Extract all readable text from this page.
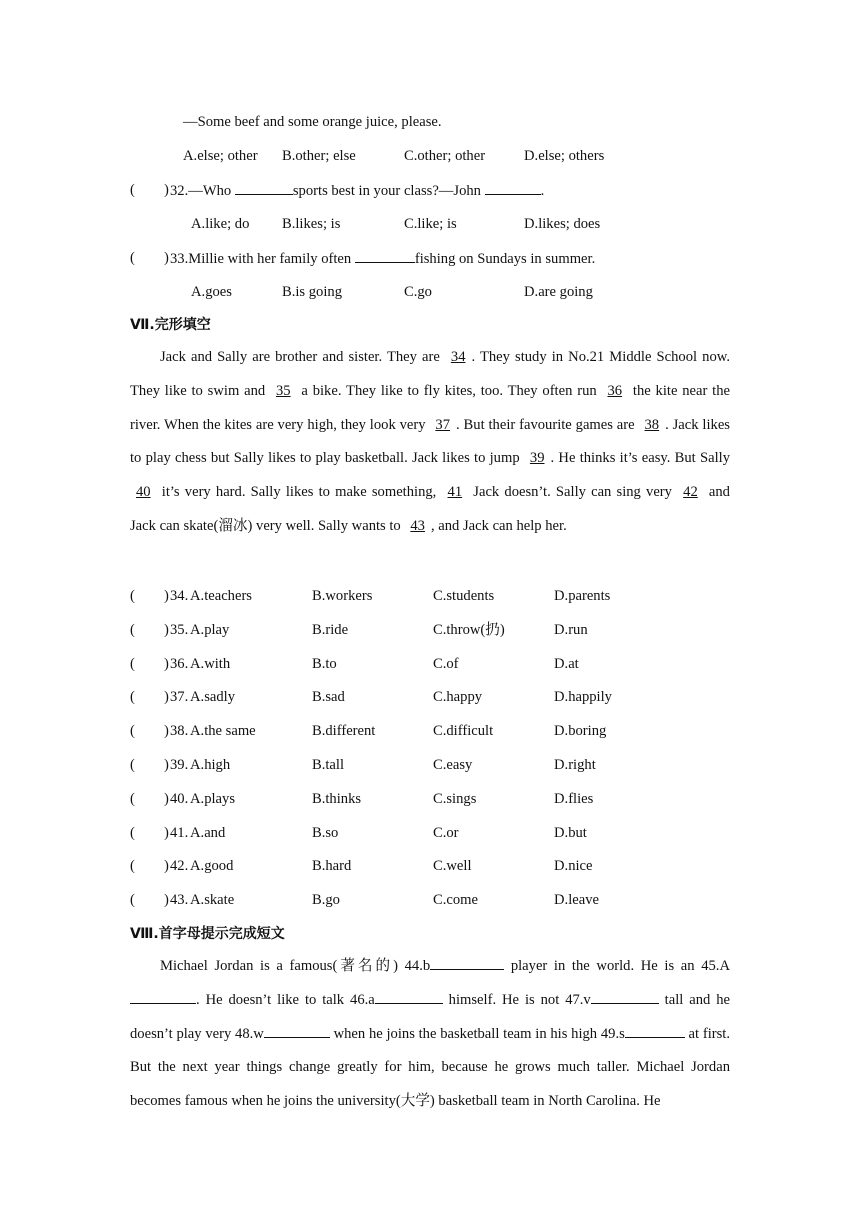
—Some beef and some orange juice, please.
A.else; other B.other; else	C.other; other	D.else; others
( ) 32.—Who	sports best in your class?—John	.
A.like; do B.likes; is	C.like; is	D.likes; does
( ) 33.Millie with her family often	fishing on Sundays in summer.
A.goes	B.is going	C.go	D.are going
Ⅶ.完形填空
Jack and Sally are brother and sister. They are 34 . They study in No.21 Middle School now. They like to swim and 35 a bike. They like to fly kites, too. They often run 36 the kite near the river. When the kites are very high, they look very 37 . But their favourite games are 38 . Jack likes to play chess but Sally likes to play basketball. Jack likes to jump 39 . He thinks it’s easy. But Sally 40 it’s very hard. Sally likes to make something, 41 Jack doesn’t. Sally can sing very 42 and Jack can skate(溜冰) very well. Sally wants to 43 , and Jack can help her.
( ) 34. A.teachers	B.workers	C.students	D.parents
( ) 35. A.play	B.ride	C.throw(扔)	D.run
( ) 36. A.with	B.to	C.of	D.at
( ) 37. A.sadly	B.sad	C.happy	D.happily
( ) 38. A.the same	B.different	C.difficult	D.boring
( ) 39. A.high	B.tall	C.easy	D.right
( ) 40. A.plays	B.thinks	C.sings	D.flies
( ) 41. A.and	B.so	C.or	D.but
( ) 42. A.good	B.hard	C.well	D.nice
( ) 43. A.skate	B.go	C.come	D.leave
Ⅷ.首字母提示完成短文
Michael Jordan is a famous(著名的) 44.b	player in the world. He is an 45.A. He doesn’t like to talk 46.a	himself. He is not 47.v	tall and he doesn’t play very 48.w	when he joins the basketball team in his high 49.s	at first. But the next year things change greatly for him, because he grows much taller. Michael Jordan becomes famous when he joins the university(大学) basketball team in North Carolina. He
